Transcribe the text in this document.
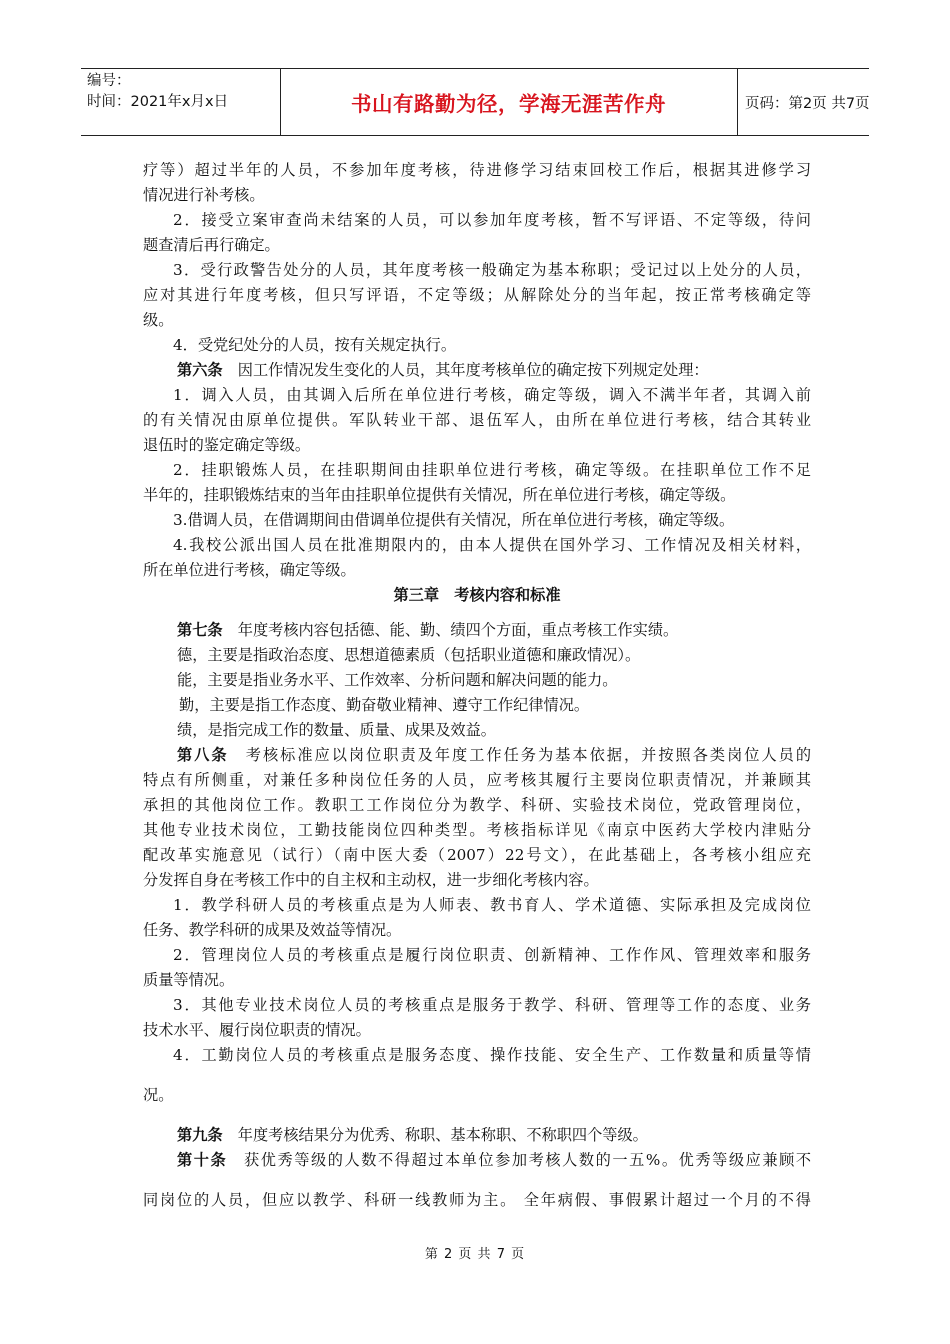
编号：
时间：2021年x月x日	书山有路勤为径，学海无涯苦作舟	页码：第2页 共7页
疗等）超过半年的人员，不参加年度考核，待进修学习结束回校工作后，根据其进修学习
情况进行补考核。
2．接受立案审查尚未结案的人员，可以参加年度考核，暂不写评语、不定等级，待问
题查清后再行确定。
3．受行政警告处分的人员，其年度考核一般确定为基本称职；受记过以上处分的人员，
应对其进行年度考核，但只写评语，不定等级；从解除处分的当年起，按正常考核确定等
级。
4．受党纪处分的人员，按有关规定执行。
第六条　 因工作情况发生变化的人员，其年度考核单位的确定按下列规定处理：
1．调入人员，由其调入后所在单位进行考核，确定等级，调入不满半年者，其调入前
的有关情况由原单位提供。军队转业干部、退伍军人，由所在单位进行考核，结合其转业
退伍时的鉴定确定等级。
2．挂职锻炼人员，在挂职期间由挂职单位进行考核，确定等级。在挂职单位工作不足
半年的，挂职锻炼结束的当年由挂职单位提供有关情况，所在单位进行考核，确定等级。
3.借调人员，在借调期间由借调单位提供有关情况，所在单位进行考核，确定等级。
4.我校公派出国人员在批准期限内的，由本人提供在国外学习、工作情况及相关材料，
所在单位进行考核，确定等级。
第三章　考核内容和标准
第七条　 年度考核内容包括德、能、勤、绩四个方面，重点考核工作实绩。
德，主要是指政治态度、思想道德素质（包括职业道德和廉政情况）。
能，主要是指业务水平、工作效率、分析问题和解决问题的能力。
勤，主要是指工作态度、勤奋敬业精神、遵守工作纪律情况。
绩，是指完成工作的数量、质量、成果及效益。
第八条　 考核标准应以岗位职责及年度工作任务为基本依据，并按照各类岗位人员的
特点有所侧重，对兼任多种岗位任务的人员，应考核其履行主要岗位职责情况，并兼顾其
承担的其他岗位工作。教职工工作岗位分为教学、科研、实验技术岗位，党政管理岗位，
其他专业技术岗位，工勤技能岗位四种类型。考核指标详见《南京中医药大学校内津贴分
配改革实施意见（试行）（南中医大委（2007）22号文），在此基础上，各考核小组应充
分发挥自身在考核工作中的自主权和主动权，进一步细化考核内容。
1．教学科研人员的考核重点是为人师表、教书育人、学术道德、实际承担及完成岗位
任务、教学科研的成果及效益等情况。
2．管理岗位人员的考核重点是履行岗位职责、创新精神、工作作风、管理效率和服务
质量等情况。
3．其他专业技术岗位人员的考核重点是服务于教学、科研、管理等工作的态度、业务
技术水平、履行岗位职责的情况。
4．工勤岗位人员的考核重点是服务态度、操作技能、安全生产、工作数量和质量等情
况。
第九条　 年度考核结果分为优秀、称职、基本称职、不称职四个等级。
第十条　 获优秀等级的人数不得超过本单位参加考核人数的一五%。优秀等级应兼顾不
同岗位的人员，但应以教学、科研一线教师为主。 全年病假、事假累计超过一个月的不得
第 2 页 共 7 页
